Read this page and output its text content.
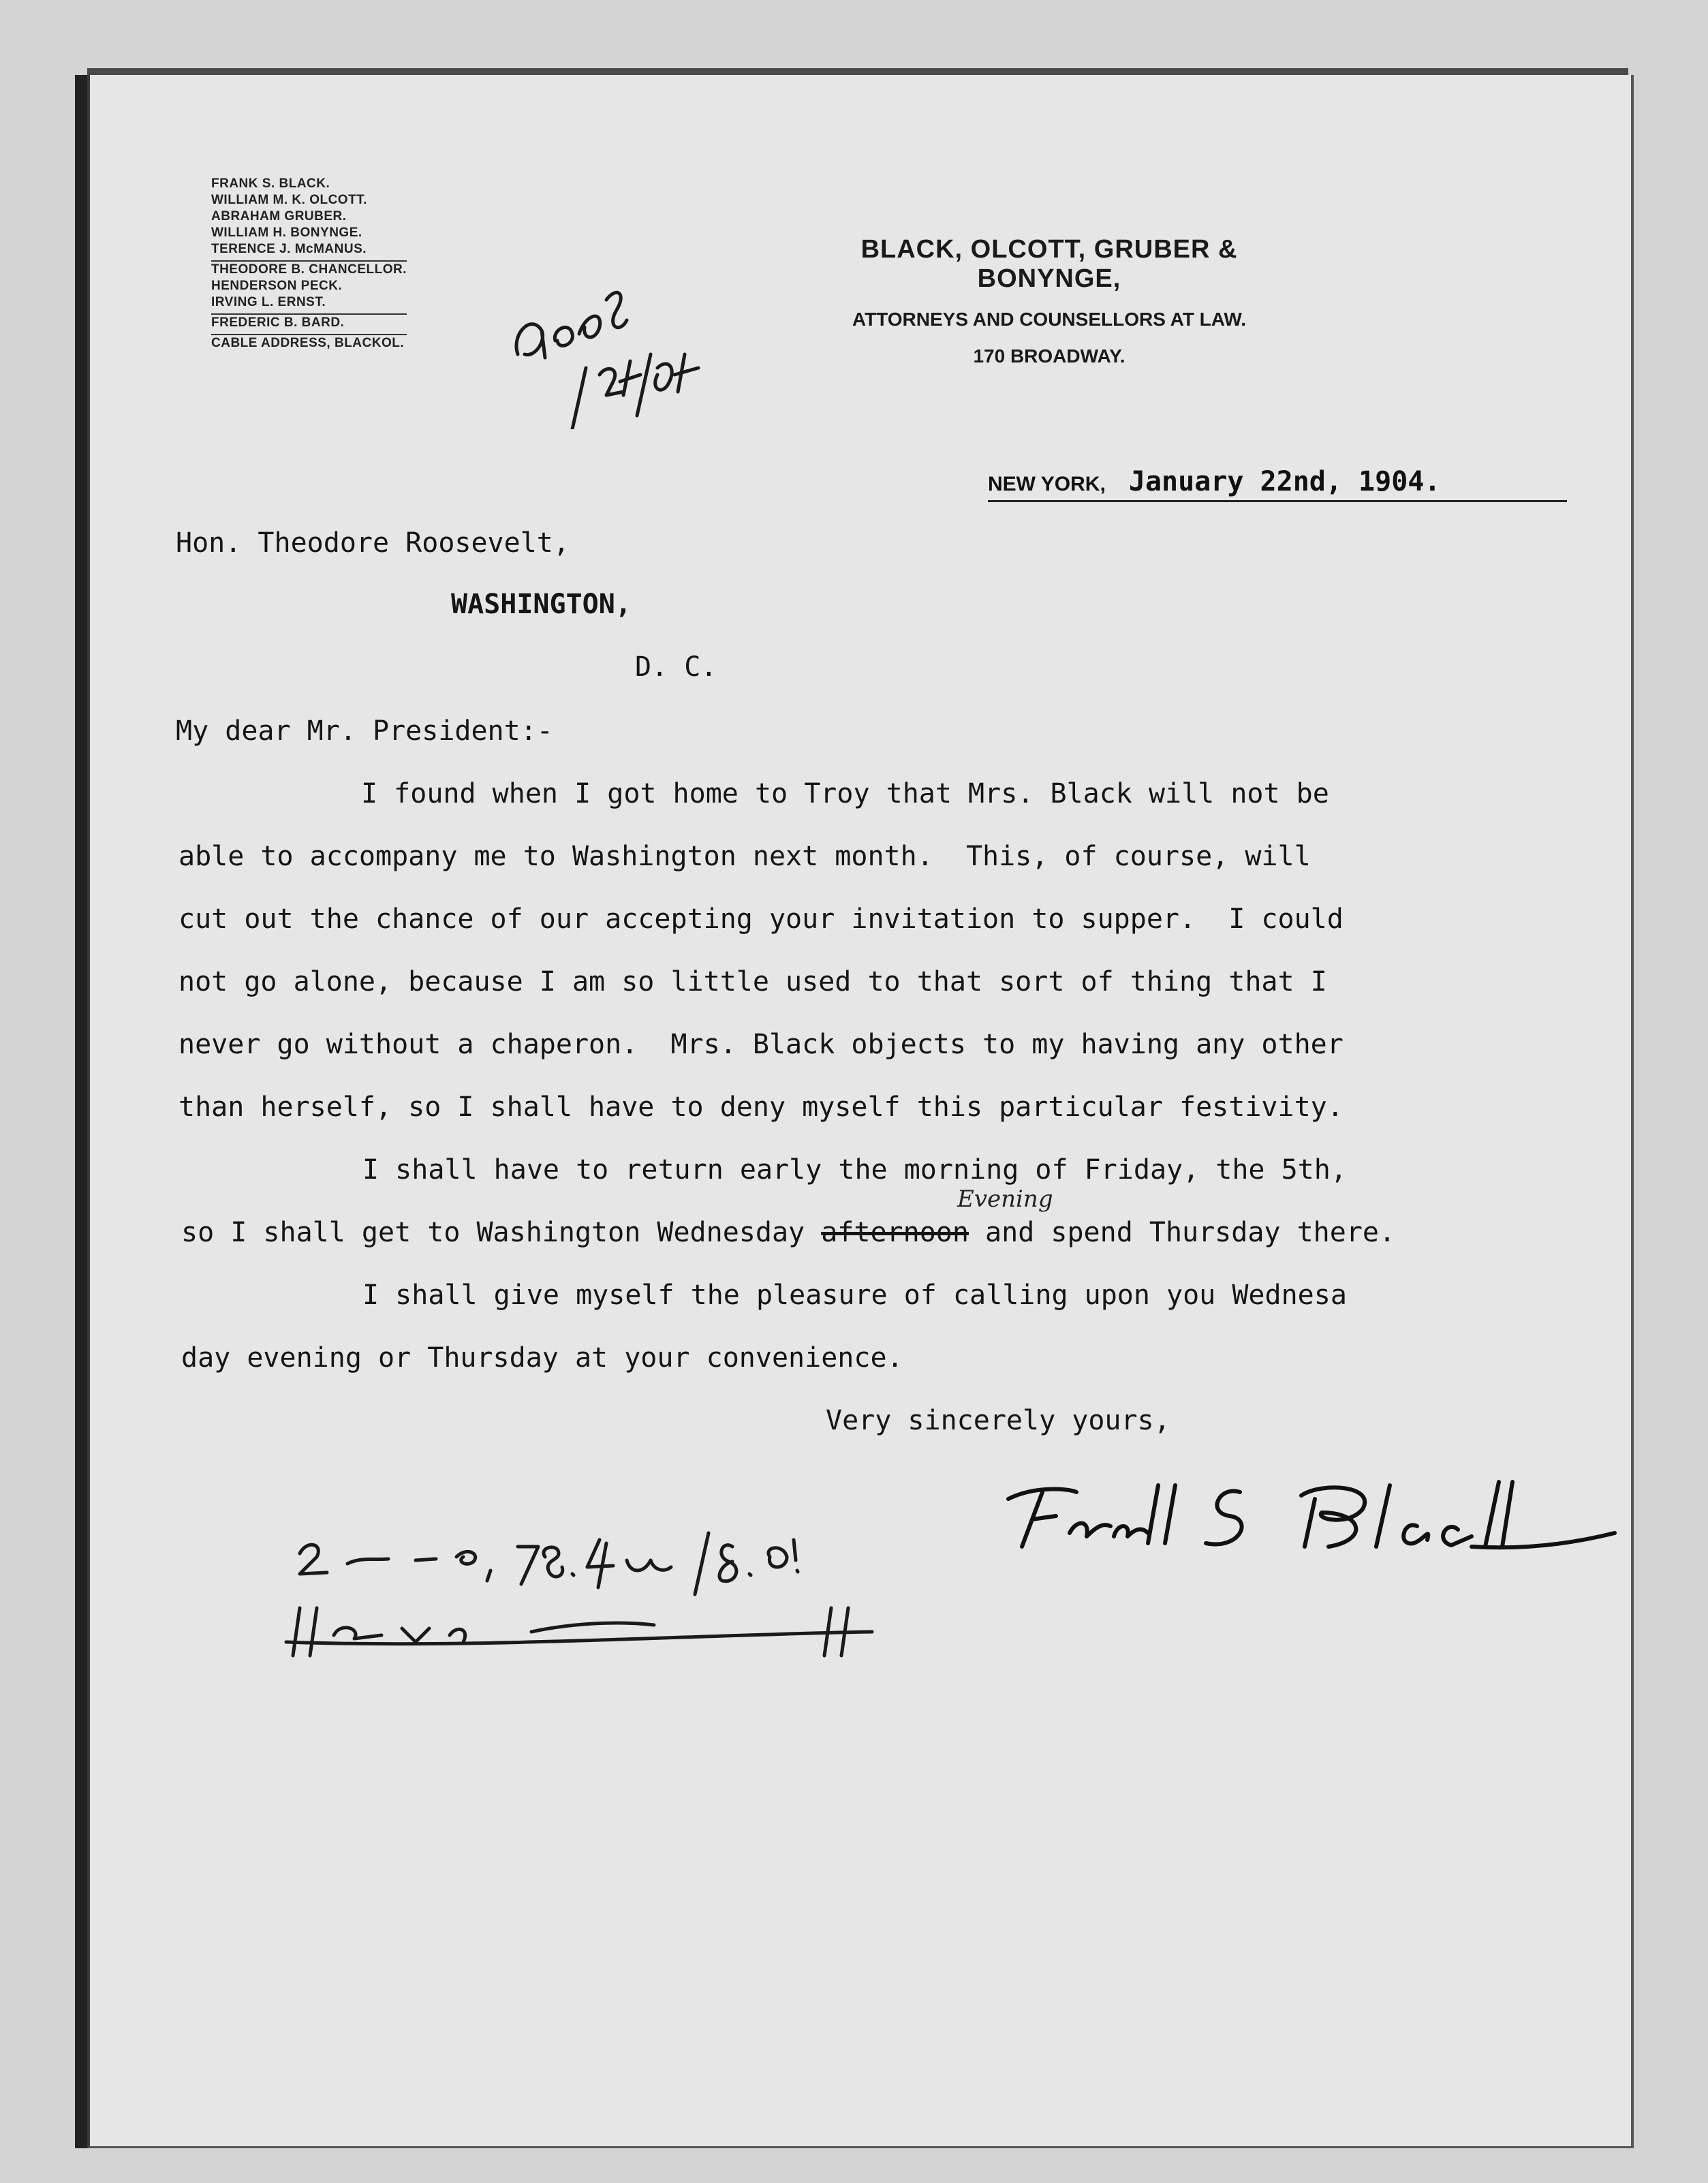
FRANK S. BLACK.
WILLIAM M. K. OLCOTT.
ABRAHAM GRUBER.
WILLIAM H. BONYNGE.
TERENCE J. McMANUS.
THEODORE B. CHANCELLOR.
HENDERSON PECK.
IRVING L. ERNST.
FREDERIC B. BARD.
CABLE ADDRESS, BLACKOL.
BLACK, OLCOTT, GRUBER & BONYNGE,
ATTORNEYS AND COUNSELLORS AT LAW.
170 BROADWAY.
NEW YORK, January 22nd, 1904.
Hon. Theodore Roosevelt,
WASHINGTON,
D. C.
My dear Mr. President:-
I found when I got home to Troy that Mrs. Black will not be
able to accompany me to Washington next month.  This, of course, will
cut out the chance of our accepting your invitation to supper.  I could
not go alone, because I am so little used to that sort of thing that I
never go without a chaperon.  Mrs. Black objects to my having any other
than herself, so I shall have to deny myself this particular festivity.
I shall have to return early the morning of Friday, the 5th,
Evening
so I shall get to Washington Wednesday afternoon and spend Thursday there.
I shall give myself the pleasure of calling upon you Wednesa
day evening or Thursday at your convenience.
Very sincerely yours,
